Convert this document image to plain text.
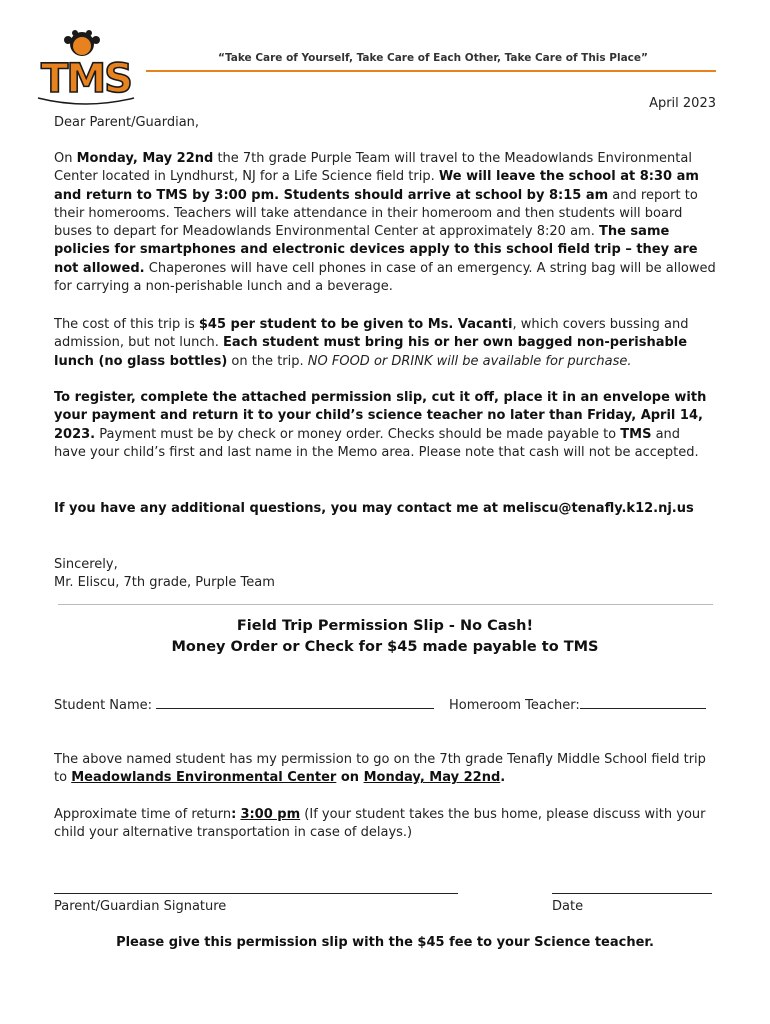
TMS	“Take Care of Yourself, Take Care of Each Other, Take Care of This Place”
April 2023
Dear Parent/Guardian,

On Monday, May 22nd the 7th grade Purple Team will travel to the Meadowlands Environmental Center located in Lyndhurst, NJ for a Life Science field trip. We will leave the school at 8:30 am and return to TMS by 3:00 pm. Students should arrive at school by 8:15 am and report to their homerooms. Teachers will take attendance in their homeroom and then students will board buses to depart for Meadowlands Environmental Center at approximately 8:20 am. The same policies for smartphones and electronic devices apply to this school field trip – they are not allowed. Chaperones will have cell phones in case of an emergency. A string bag will be allowed for carrying a non-perishable lunch and a beverage.

The cost of this trip is $45 per student to be given to Ms. Vacanti, which covers bussing and admission, but not lunch. Each student must bring his or her own bagged non-perishable lunch (no glass bottles) on the trip. NO FOOD or DRINK will be available for purchase.

To register, complete the attached permission slip, cut it off, place it in an envelope with your payment and return it to your child’s science teacher no later than Friday, April 14, 2023. Payment must be by check or money order. Checks should be made payable to TMS and have your child’s first and last name in the Memo area. Please note that cash will not be accepted.

If you have any additional questions, you may contact me at meliscu@tenafly.k12.nj.us

Sincerely,
Mr. Eliscu, 7th grade, Purple Team

Field Trip Permission Slip - No Cash!
Money Order or Check for $45 made payable to TMS
Student Name:	Homeroom Teacher:

The above named student has my permission to go on the 7th grade Tenafly Middle School field trip to Meadowlands Environmental Center on Monday, May 22nd.

Approximate time of return: 3:00 pm (If your student takes the bus home, please discuss with your child your alternative transportation in case of delays.)

Parent/Guardian Signature	Date
Please give this permission slip with the $45 fee to your Science teacher.
